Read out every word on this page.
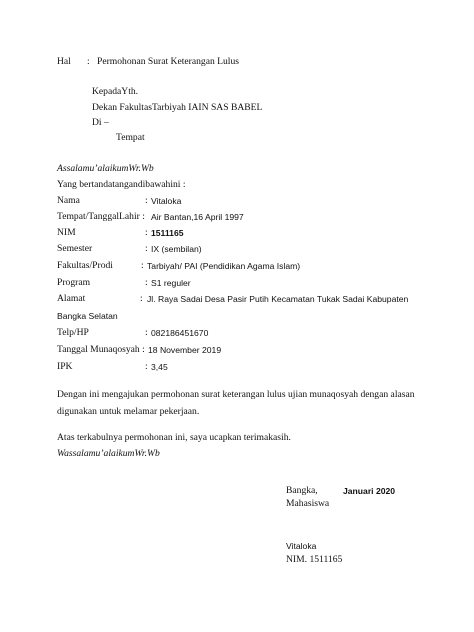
Hal : Permohonan Surat Keterangan Lulus
KepadaYth.
Dekan FakultasTarbiyah IAIN SAS BABEL
Di –
Tempat
Assalamu’alaikumWr.Wb
Yang bertandatangandibawahini :
Nama	: Vitaloka
Tempat/TanggalLahir : Air Bantan,16 April 1997
NIM	: 1511165
Semester	: IX (sembilan)
Fakultas/Prodi	: Tarbiyah/ PAI (Pendidikan Agama Islam)
Program	: S1 reguler
Alamat	: Jl. Raya Sadai Desa Pasir Putih Kecamatan Tukak Sadai Kabupaten
Bangka Selatan
Telp/HP	: 082186451670
Tanggal Munaqosyah : 18 November 2019
IPK	: 3,45
Dengan ini mengajukan permohonan surat keterangan lulus ujian munaqosyah dengan alasan
digunakan untuk melamar pekerjaan.
Atas terkabulnya permohonan ini, saya ucapkan terimakasih.
Wassalamu’alaikumWr.Wb
Bangka,	Januari 2020
Mahasiswa
Vitaloka
NIM. 1511165
